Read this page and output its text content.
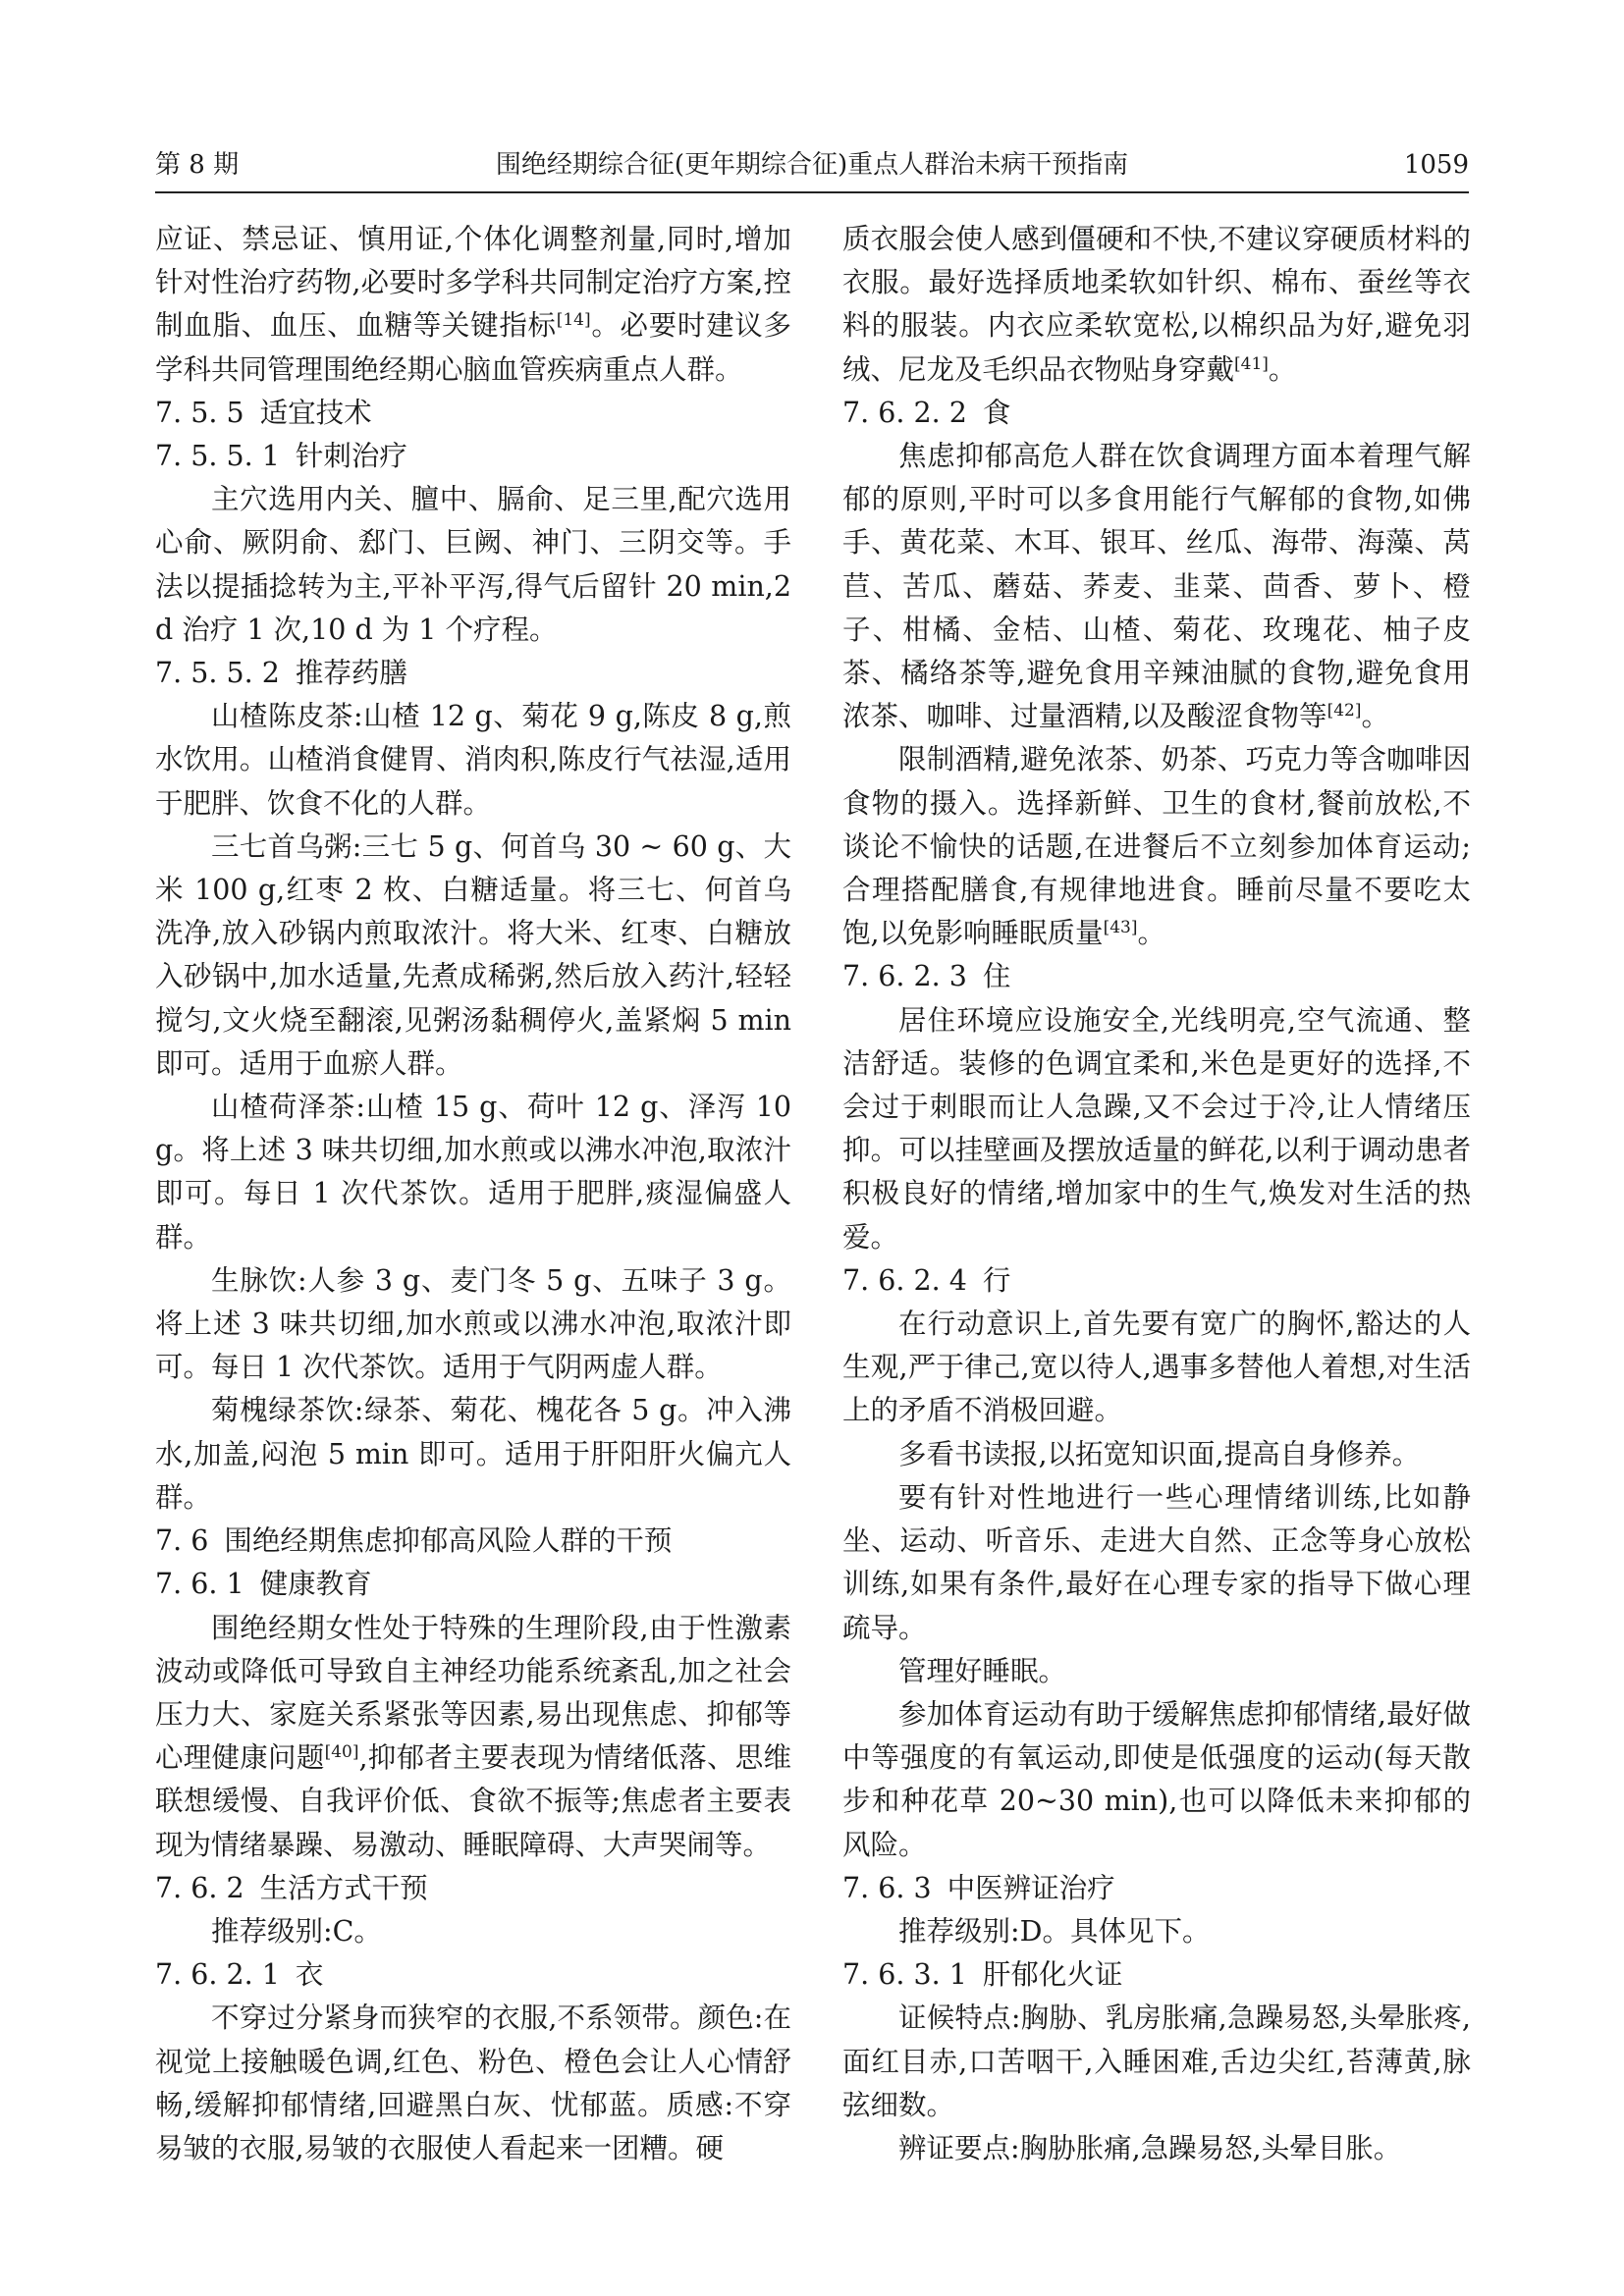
第 8 期	围绝经期综合征(更年期综合征)重点人群治未病干预指南	1059

应证、禁忌证、慎用证,个体化调整剂量,同时,增加针对性治疗药物,必要时多学科共同制定治疗方案,控制血脂、血压、血糖等关键指标[14]。必要时建议多学科共同管理围绝经期心脑血管疾病重点人群。

7. 5. 5 适宜技术

7. 5. 5. 1 针刺治疗

主穴选用内关、膻中、膈俞、足三里,配穴选用心俞、厥阴俞、郄门、巨阙、神门、三阴交等。手法以提插捻转为主,平补平泻,得气后留针 20 min,2 d 治疗 1 次,10 d 为 1 个疗程。

7. 5. 5. 2 推荐药膳

山楂陈皮茶:山楂 12 g、菊花 9 g,陈皮 8 g,煎水饮用。山楂消食健胃、消肉积,陈皮行气祛湿,适用于肥胖、饮食不化的人群。

三七首乌粥:三七 5 g、何首乌 30 ~ 60 g、大米 100 g,红枣 2 枚、白糖适量。将三七、何首乌洗净,放入砂锅内煎取浓汁。将大米、红枣、白糖放入砂锅中,加水适量,先煮成稀粥,然后放入药汁,轻轻搅匀,文火烧至翻滚,见粥汤黏稠停火,盖紧焖 5 min 即可。适用于血瘀人群。

山楂荷泽茶:山楂 15 g、荷叶 12 g、泽泻 10 g。将上述 3 味共切细,加水煎或以沸水冲泡,取浓汁即可。每日 1 次代茶饮。适用于肥胖,痰湿偏盛人群。

生脉饮:人参 3 g、麦门冬 5 g、五味子 3 g。将上述 3 味共切细,加水煎或以沸水冲泡,取浓汁即可。每日 1 次代茶饮。适用于气阴两虚人群。

菊槐绿茶饮:绿茶、菊花、槐花各 5 g。冲入沸水,加盖,闷泡 5 min 即可。适用于肝阳肝火偏亢人群。

7. 6 围绝经期焦虑抑郁高风险人群的干预

7. 6. 1 健康教育

围绝经期女性处于特殊的生理阶段,由于性激素波动或降低可导致自主神经功能系统紊乱,加之社会压力大、家庭关系紧张等因素,易出现焦虑、抑郁等心理健康问题[40],抑郁者主要表现为情绪低落、思维联想缓慢、自我评价低、食欲不振等;焦虑者主要表现为情绪暴躁、易激动、睡眠障碍、大声哭闹等。

7. 6. 2 生活方式干预

推荐级别:C。

7. 6. 2. 1 衣

不穿过分紧身而狭窄的衣服,不系领带。颜色:在视觉上接触暖色调,红色、粉色、橙色会让人心情舒畅,缓解抑郁情绪,回避黑白灰、忧郁蓝。质感:不穿易皱的衣服,易皱的衣服使人看起来一团糟。硬

质衣服会使人感到僵硬和不快,不建议穿硬质材料的衣服。最好选择质地柔软如针织、棉布、蚕丝等衣料的服装。内衣应柔软宽松,以棉织品为好,避免羽绒、尼龙及毛织品衣物贴身穿戴[41]。

7. 6. 2. 2 食

焦虑抑郁高危人群在饮食调理方面本着理气解郁的原则,平时可以多食用能行气解郁的食物,如佛手、黄花菜、木耳、银耳、丝瓜、海带、海藻、莴苣、苦瓜、蘑菇、荞麦、韭菜、茴香、萝卜、橙子、柑橘、金桔、山楂、菊花、玫瑰花、柚子皮茶、橘络茶等,避免食用辛辣油腻的食物,避免食用浓茶、咖啡、过量酒精,以及酸涩食物等[42]。

限制酒精,避免浓茶、奶茶、巧克力等含咖啡因食物的摄入。选择新鲜、卫生的食材,餐前放松,不谈论不愉快的话题,在进餐后不立刻参加体育运动;合理搭配膳食,有规律地进食。睡前尽量不要吃太饱,以免影响睡眠质量[43]。

7. 6. 2. 3 住

居住环境应设施安全,光线明亮,空气流通、整洁舒适。装修的色调宜柔和,米色是更好的选择,不会过于刺眼而让人急躁,又不会过于冷,让人情绪压抑。可以挂壁画及摆放适量的鲜花,以利于调动患者积极良好的情绪,增加家中的生气,焕发对生活的热爱。

7. 6. 2. 4 行

在行动意识上,首先要有宽广的胸怀,豁达的人生观,严于律己,宽以待人,遇事多替他人着想,对生活上的矛盾不消极回避。

多看书读报,以拓宽知识面,提高自身修养。

要有针对性地进行一些心理情绪训练,比如静坐、运动、听音乐、走进大自然、正念等身心放松训练,如果有条件,最好在心理专家的指导下做心理疏导。

管理好睡眠。

参加体育运动有助于缓解焦虑抑郁情绪,最好做中等强度的有氧运动,即使是低强度的运动(每天散步和种花草 20~30 min),也可以降低未来抑郁的风险。

7. 6. 3 中医辨证治疗

推荐级别:D。具体见下。

7. 6. 3. 1 肝郁化火证

证候特点:胸胁、乳房胀痛,急躁易怒,头晕胀疼,面红目赤,口苦咽干,入睡困难,舌边尖红,苔薄黄,脉弦细数。

辨证要点:胸胁胀痛,急躁易怒,头晕目胀。
